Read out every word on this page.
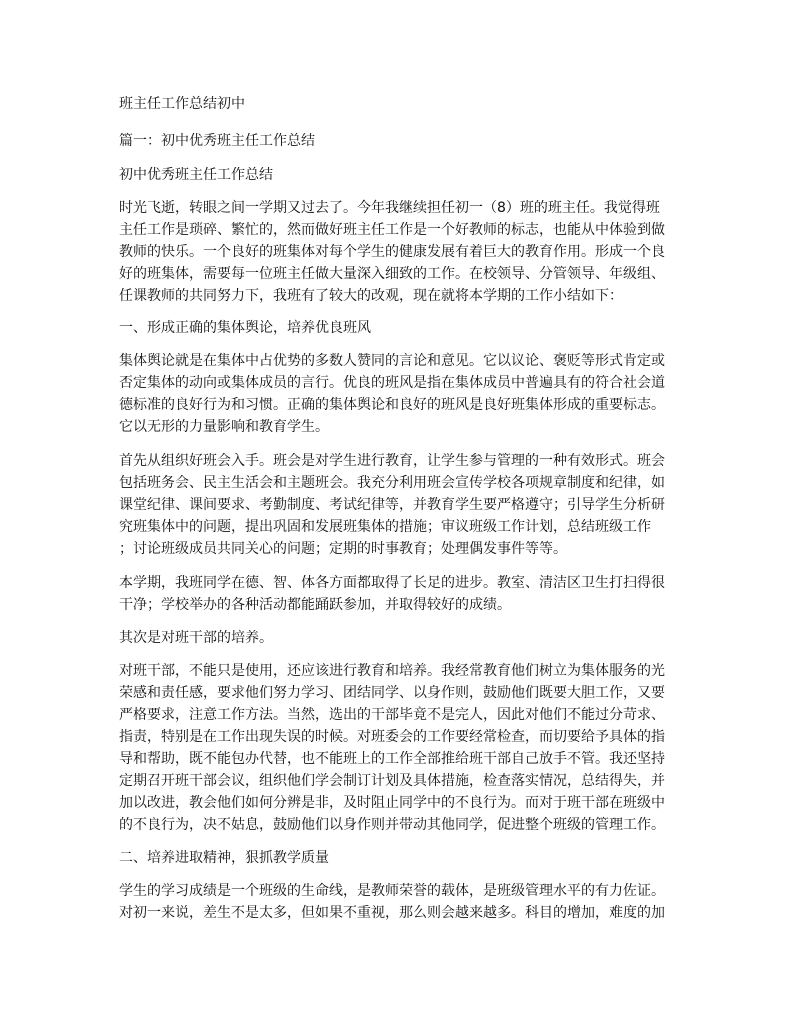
班主任工作总结初中
篇一：初中优秀班主任工作总结
初中优秀班主任工作总结
时光飞逝，转眼之间一学期又过去了。今年我继续担任初一（8）班的班主任。我觉得班
主任工作是琐碎、繁忙的，然而做好班主任工作是一个好教师的标志，也能从中体验到做
教师的快乐。一个良好的班集体对每个学生的健康发展有着巨大的教育作用。形成一个良
好的班集体，需要每一位班主任做大量深入细致的工作。在校领导、分管领导、年级组、
任课教师的共同努力下，我班有了较大的改观，现在就将本学期的工作小结如下：
一、形成正确的集体舆论，培养优良班风
集体舆论就是在集体中占优势的多数人赞同的言论和意见。它以议论、褒贬等形式肯定或
否定集体的动向或集体成员的言行。优良的班风是指在集体成员中普遍具有的符合社会道
德标准的良好行为和习惯。正确的集体舆论和良好的班风是良好班集体形成的重要标志。
它以无形的力量影响和教育学生。
首先从组织好班会入手。班会是对学生进行教育，让学生参与管理的一种有效形式。班会
包括班务会、民主生活会和主题班会。我充分利用班会宣传学校各项规章制度和纪律，如
课堂纪律、课间要求、考勤制度、考试纪律等，并教育学生要严格遵守；引导学生分析研
究班集体中的问题，提出巩固和发展班集体的措施；审议班级工作计划，总结班级工作
；讨论班级成员共同关心的问题；定期的时事教育；处理偶发事件等等。
本学期，我班同学在德、智、体各方面都取得了长足的进步。教室、清洁区卫生打扫得很
干净；学校举办的各种活动都能踊跃参加，并取得较好的成绩。
其次是对班干部的培养。
对班干部，不能只是使用，还应该进行教育和培养。我经常教育他们树立为集体服务的光
荣感和责任感，要求他们努力学习、团结同学、以身作则，鼓励他们既要大胆工作，又要
严格要求，注意工作方法。当然，选出的干部毕竟不是完人，因此对他们不能过分苛求、
指责，特别是在工作出现失误的时候。对班委会的工作要经常检查，而切要给予具体的指
导和帮助，既不能包办代替，也不能班上的工作全部推给班干部自己放手不管。我还坚持
定期召开班干部会议，组织他们学会制订计划及具体措施，检查落实情况，总结得失，并
加以改进，教会他们如何分辨是非，及时阻止同学中的不良行为。而对于班干部在班级中
的不良行为，决不姑息，鼓励他们以身作则并带动其他同学，促进整个班级的管理工作。
二、培养进取精神，狠抓教学质量
学生的学习成绩是一个班级的生命线，是教师荣誉的载体，是班级管理水平的有力佐证。
对初一来说，差生不是太多，但如果不重视，那么则会越来越多。科目的增加，难度的加
